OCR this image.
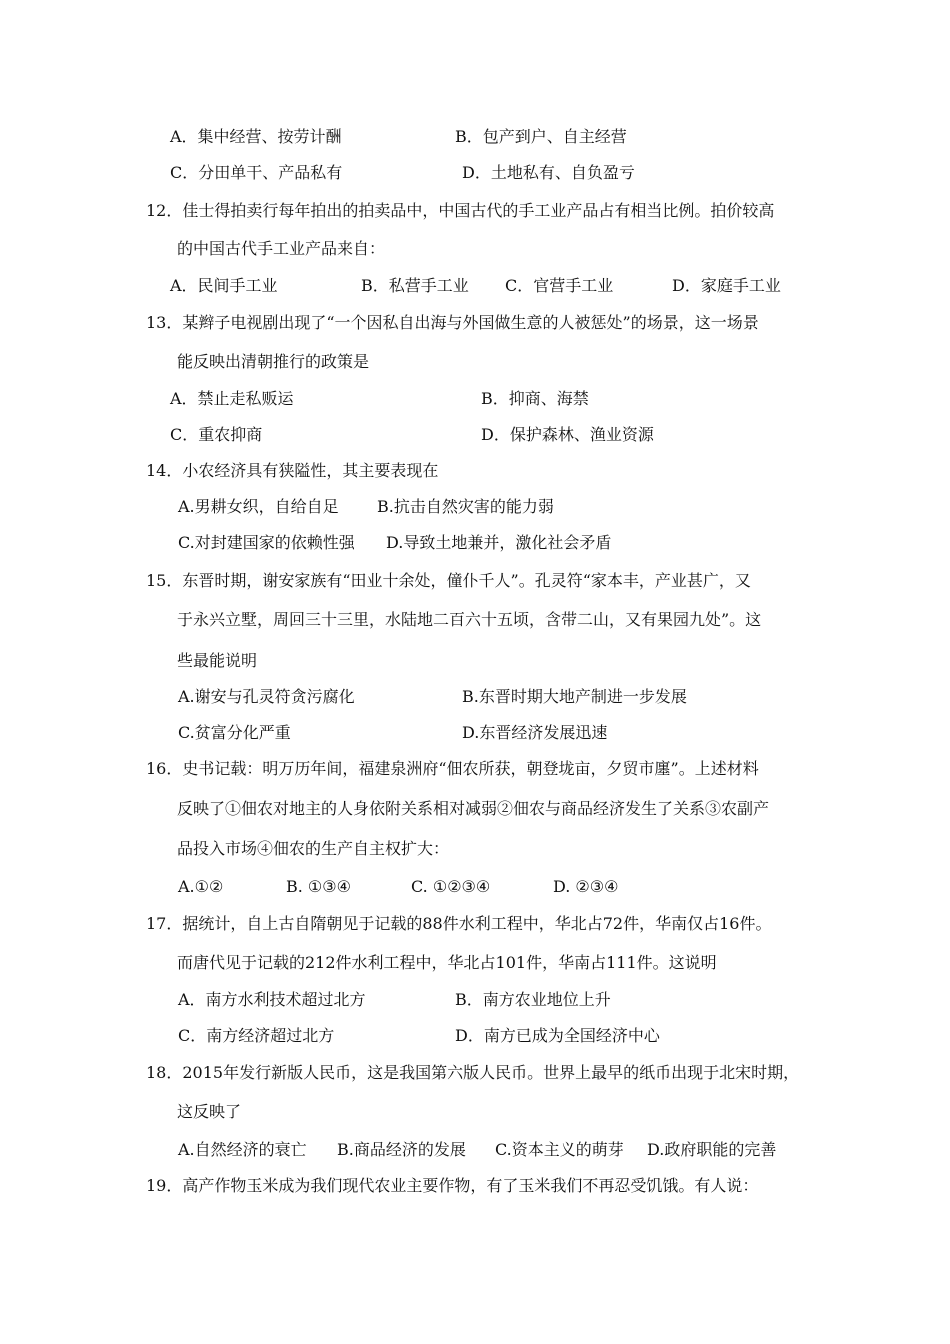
A．集中经营、按劳计酬	B．包产到户、自主经营
C．分田单干、产品私有	D．土地私有、自负盈亏
12．佳士得拍卖行每年拍出的拍卖品中，中国古代的手工业产品占有相当比例。拍价较高
的中国古代手工业产品来自：
A．民间手工业	B．私营手工业 C．官营手工业	D．家庭手工业
13．某辫子电视剧出现了“一个因私自出海与外国做生意的人被惩处”的场景，这一场景
能反映出清朝推行的政策是
A．禁止走私贩运	B．抑商、海禁
C．重农抑商	D．保护森林、渔业资源
14．小农经济具有狭隘性，其主要表现在
A.男耕女织，自给自足 B.抗击自然灾害的能力弱
C.对封建国家的依赖性强 D.导致土地兼并，激化社会矛盾
15．东晋时期，谢安家族有“田业十余处，僮仆千人”。孔灵符“家本丰，产业甚广，又
于永兴立墅，周回三十三里，水陆地二百六十五顷，含带二山，又有果园九处”。这
些最能说明
A.谢安与孔灵符贪污腐化	B.东晋时期大地产制进一步发展
C.贫富分化严重	D.东晋经济发展迅速
16．史书记载：明万历年间，福建泉洲府“佃农所获，朝登垅亩，夕贸市廛”。上述材料
反映了①佃农对地主的人身依附关系相对减弱②佃农与商品经济发生了关系③农副产
品投入市场④佃农的生产自主权扩大：
A.①②	B. ①③④	C. ①②③④	D. ②③④
17．据统计，自上古自隋朝见于记载的88件水利工程中，华北占72件，华南仅占16件。
而唐代见于记载的212件水利工程中，华北占101件，华南占111件。这说明
A．南方水利技术超过北方	B．南方农业地位上升
C．南方经济超过北方	D．南方已成为全国经济中心
18．2015年发行新版人民币，这是我国第六版人民币。世界上最早的纸币出现于北宋时期，
这反映了
A.自然经济的衰亡 B.商品经济的发展 C.资本主义的萌芽 D.政府职能的完善
19．高产作物玉米成为我们现代农业主要作物，有了玉米我们不再忍受饥饿。有人说：
